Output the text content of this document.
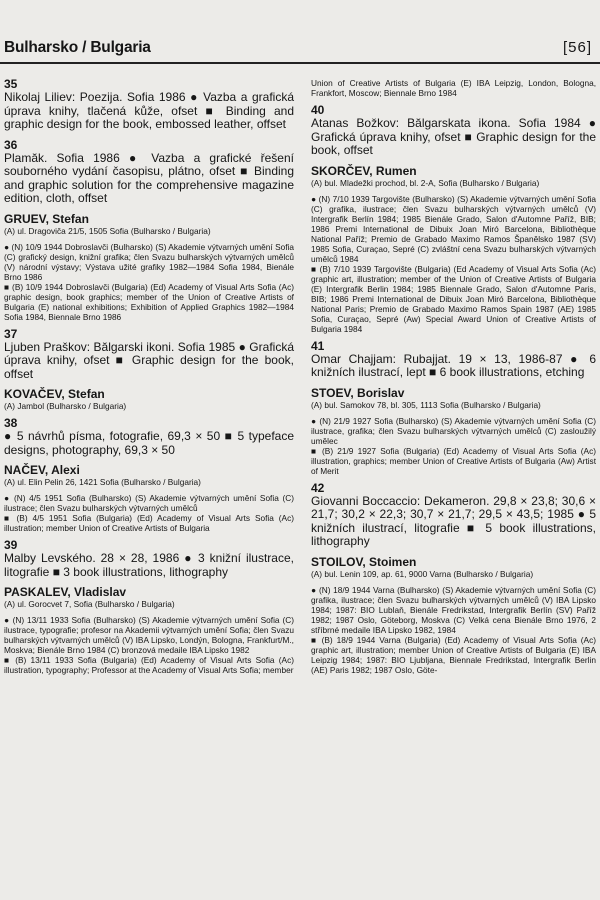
Bulharsko / Bulgaria	[56]
35
Nikolaj Liliev: Poezija. Sofia 1986 ● Vazba a grafická úprava knihy, tlačená kůže, ofset ■ Binding and graphic design for the book, embossed leather, offset
36
Plamăk. Sofia 1986 ● Vazba a grafické řešení souborného vydání časopisu, plátno, ofset ■ Binding and graphic solution for the comprehensive magazine edition, cloth, offset
GRUEV, Stefan
(A) ul. Dragoviča 21/5, 1505 Sofia (Bulharsko / Bulgaria)
● (N) 10/9 1944 Dobroslavči (Bulharsko) (S) Akademie výtvarných umění Sofia (C) grafický design, knižní grafika; člen Svazu bulharských výtvarných umělců (V) národní výstavy; Výstava užité grafiky 1982—1984 Sofia 1984, Bienále Brno 1986
■ (B) 10/9 1944 Dobroslavči (Bulgaria) (Ed) Academy of Visual Arts Sofia (Ac) graphic design, book graphics; member of the Union of Creative Artists of Bulgaria (E) national exhibitions; Exhibition of Applied Graphics 1982—1984 Sofia 1984, Biennale Brno 1986
37
Ljuben Praškov: Bălgarski ikoni. Sofia 1985 ● Grafická úprava knihy, ofset ■ Graphic design for the book, offset
KOVAČEV, Stefan
(A) Jambol (Bulharsko / Bulgaria)
38
● 5 návrhů písma, fotografie, 69,3 × 50 ■ 5 typeface designs, photography, 69,3 × 50
NAČEV, Alexi
(A) ul. Elin Pelin 26, 1421 Sofia (Bulharsko / Bulgaria)
● (N) 4/5 1951 Sofia (Bulharsko) (S) Akademie výtvarných umění Sofia (C) ilustrace; člen Svazu bulharských výtvarných umělců
■ (B) 4/5 1951 Sofia (Bulgaria) (Ed) Academy of Visual Arts Sofia (Ac) illustration; member Union of Creative Artists of Bulgaria
39
Malby Levského. 28 × 28, 1986 ● 3 knižní ilustrace, litografie ■ 3 book illustrations, lithography
PASKALEV, Vladislav
(A) ul. Gorocvet 7, Sofia (Bulharsko / Bulgaria)
● (N) 13/11 1933 Sofia (Bulharsko) (S) Akademie výtvarných umění Sofia (C) ilustrace, typografie; profesor na Akademii výtvarných umění Sofia; člen Svazu bulharských výtvarných umělců (V) IBA Lipsko, Londýn, Bologna, Frankfurt/M., Moskva; Bienále Brno 1984 (C) bronzová medaile IBA Lipsko 1982
■ (B) 13/11 1933 Sofia (Bulgaria) (Ed) Academy of Visual Arts Sofia (Ac) illustration, typography; Professor at the Academy of Visual Arts Sofia; member
Union of Creative Artists of Bulgaria (E) IBA Leipzig, London, Bologna, Frankfort, Moscow; Biennale Brno 1984
40
Atanas Božkov: Bălgarskata ikona. Sofia 1984 ● Grafická úprava knihy, ofset ■ Graphic design for the book, offset
SKORČEV, Rumen
(A) bul. Mladežki prochod, bl. 2-A, Sofia (Bulharsko / Bulgaria)
● (N) 7/10 1939 Targovište (Bulharsko) (S) Akademie výtvarných umění Sofia (C) grafika, ilustrace; člen Svazu bulharských výtvarných umělců (V) Intergrafik Berlín 1984; 1985 Bienále Grado, Salon d'Automne Paříž, BIB; 1986 Premi International de Dibuix Joan Miró Barcelona, Bibliothèque National Paříž; Premio de Grabado Maximo Ramos Španělsko 1987 (SV) 1985 Sofia, Curaçao, Sepré (C) zvláštní cena Svazu bulharských výtvarných umělců 1984
■ (B) 7/10 1939 Targovište (Bulgaria) (Ed Academy of Visual Arts Sofia (Ac) graphic art, illustration; member of the Union of Creative Artists of Bulgaria (E) Intergrafik Berlin 1984; 1985 Biennale Grado, Salon d'Automne Paris, BIB; 1986 Premi International de Dibuix Joan Miró Barcelona, Bibliothèque National Paris; Premio de Grabado Maximo Ramos Spain 1987 (AE) 1985 Sofia, Curaçao, Sepré (Aw) Special Award Union of Creative Artists of Bulgaria 1984
41
Omar Chajjam: Rubajjat. 19 × 13, 1986-87 ● 6 knižních ilustrací, lept ■ 6 book illustrations, etching
STOEV, Borislav
(A) bul. Samokov 78, bl. 305, 1113 Sofia (Bulharsko / Bulgaria)
● (N) 21/9 1927 Sofia (Bulharsko) (S) Akademie výtvarných umění Sofia (C) ilustrace, grafika; člen Svazu bulharských výtvarných umělců (C) zasloužilý umělec
■ (B) 21/9 1927 Sofia (Bulgaria) (Ed) Academy of Visual Arts Sofia (Ac) illustration, graphics; member Union of Creative Artists of Bulgaria (Aw) Artist of Merit
42
Giovanni Boccaccio: Dekameron. 29,8 × 23,8; 30,6 × 21,7; 30,2 × 22,3; 30,7 × 21,7; 29,5 × 43,5; 1985 ● 5 knižních ilustrací, litografie ■ 5 book illustrations, lithography
STOILOV, Stoimen
(A) bul. Lenin 109, ap. 61, 9000 Varna (Bulharsko / Bulgaria)
● (N) 18/9 1944 Varna (Bulharsko) (S) Akademie výtvarných umění Sofia (C) grafika, ilustrace; člen Svazu bulharských výtvarných umělců (V) IBA Lipsko 1984; 1987: BIO Lublaň, Bienále Fredrikstad, Intergrafik Berlín (SV) Paříž 1982; 1987 Oslo, Göteborg, Moskva (C) Velká cena Bienále Brno 1976, 2 stříbrné medaile IBA Lipsko 1982, 1984
■ (B) 18/9 1944 Varna (Bulgaria) (Ed) Academy of Visual Arts Sofia (Ac) graphic art, illustration; member Union of Creative Artists of Bulgaria (E) IBA Leipzig 1984; 1987: BIO Ljubljana, Biennale Fredrikstad, Intergrafik Berlin (AE) Paris 1982; 1987 Oslo, Göte-
